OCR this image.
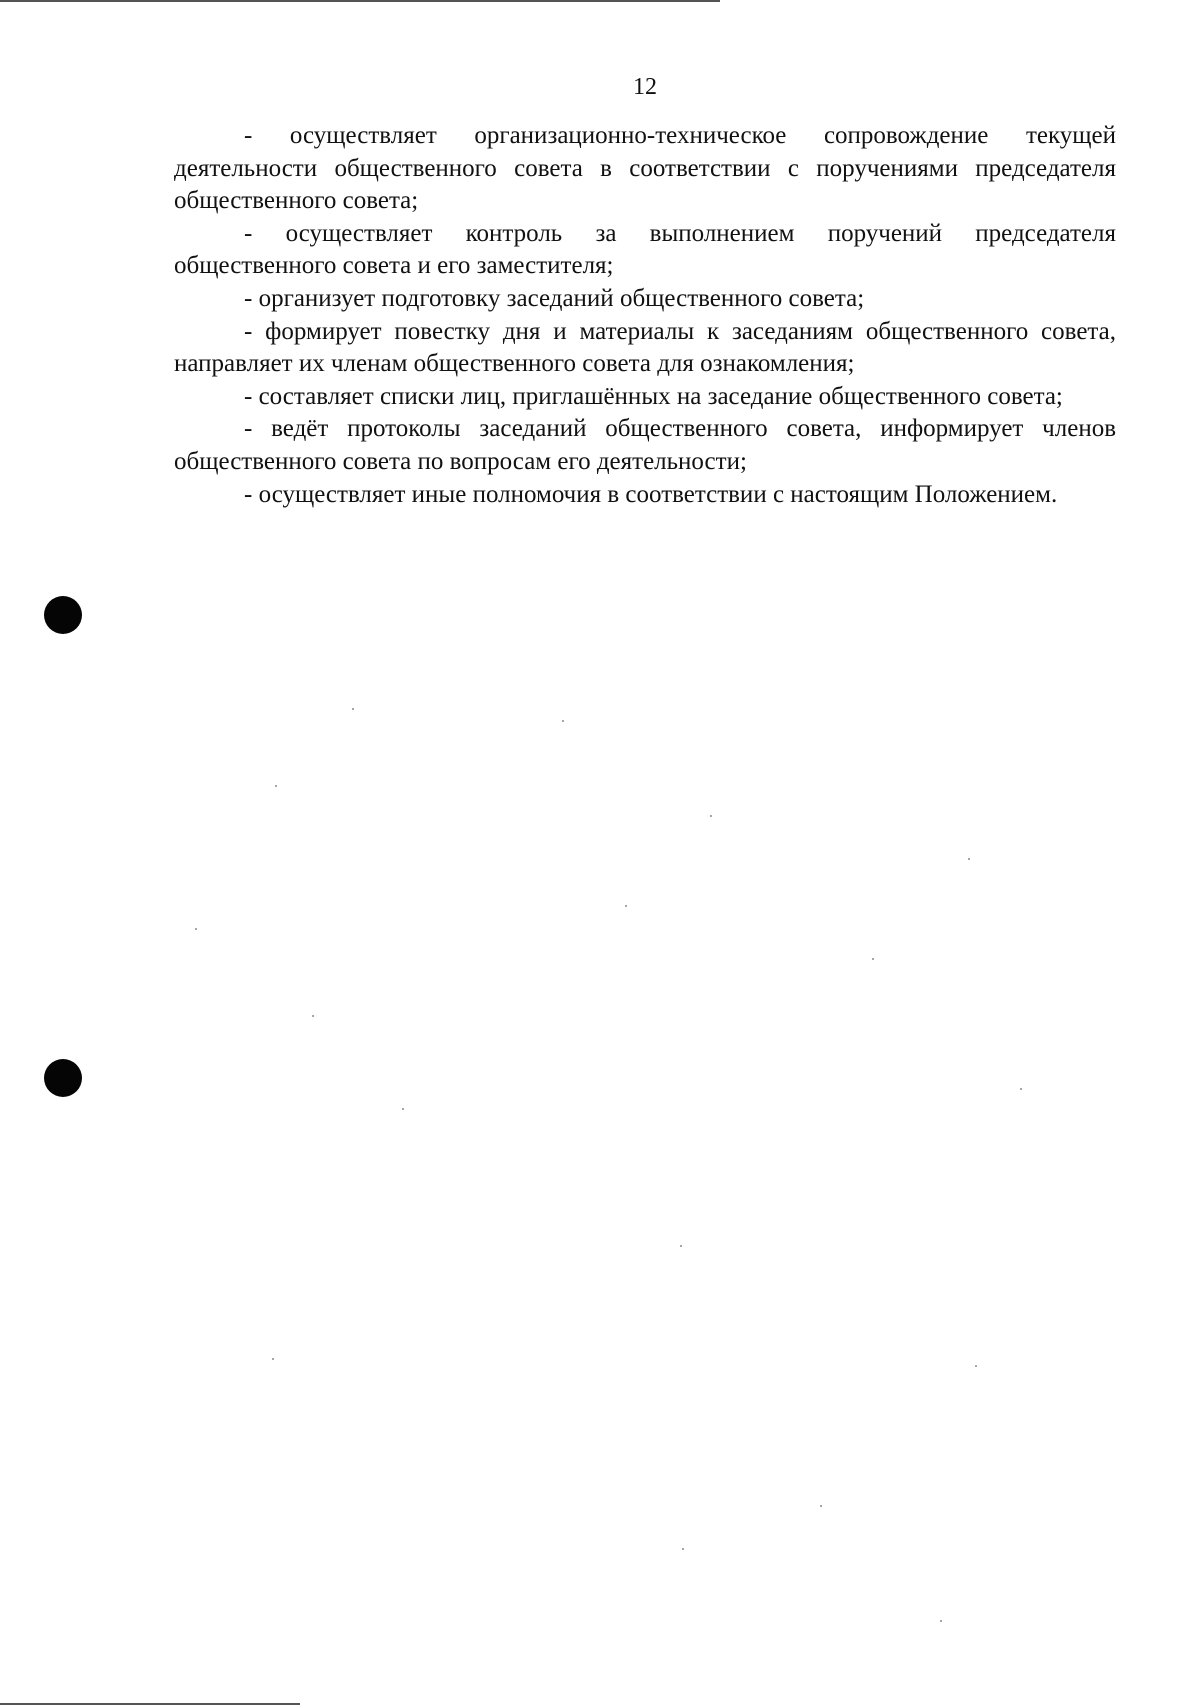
12

- осуществляет организационно-техническое сопровождение текущей деятельности общественного совета в соответствии с поручениями председателя общественного совета;

- осуществляет контроль за выполнением поручений председателя общественного совета и его заместителя;

- организует подготовку заседаний общественного совета;

- формирует повестку дня и материалы к заседаниям общественного совета, направляет их членам общественного совета для ознакомления;

- составляет списки лиц, приглашённых на заседание общественного совета;

- ведёт протоколы заседаний общественного совета, информирует членов общественного совета по вопросам его деятельности;

- осуществляет иные полномочия в соответствии с настоящим Положением.
